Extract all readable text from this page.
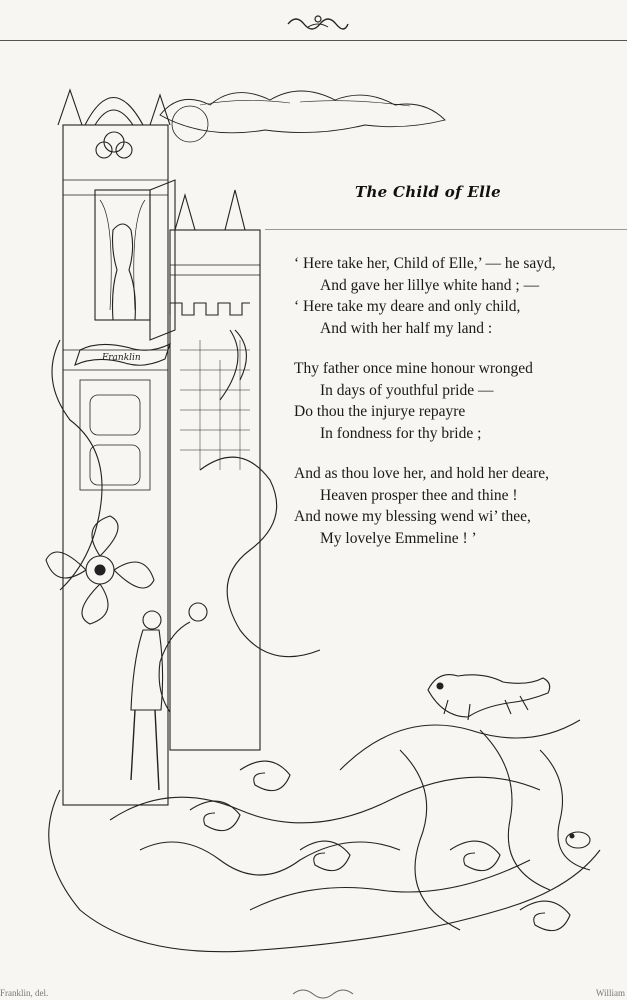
Franklin
The Child of Elle
‘ Here take her, Child of Elle,’ — he sayd,
And gave her lillye white hand ; —
‘ Here take my deare and only child,
And with her half my land :
Thy father once mine honour wronged
In days of youthful pride —
Do thou the injurye repayre
In fondness for thy bride ;
And as thou love her, and hold her deare,
Heaven prosper thee and thine !
And nowe my blessing wend wi’ thee,
My lovelye Emmeline ! ’
Franklin, del.	William
